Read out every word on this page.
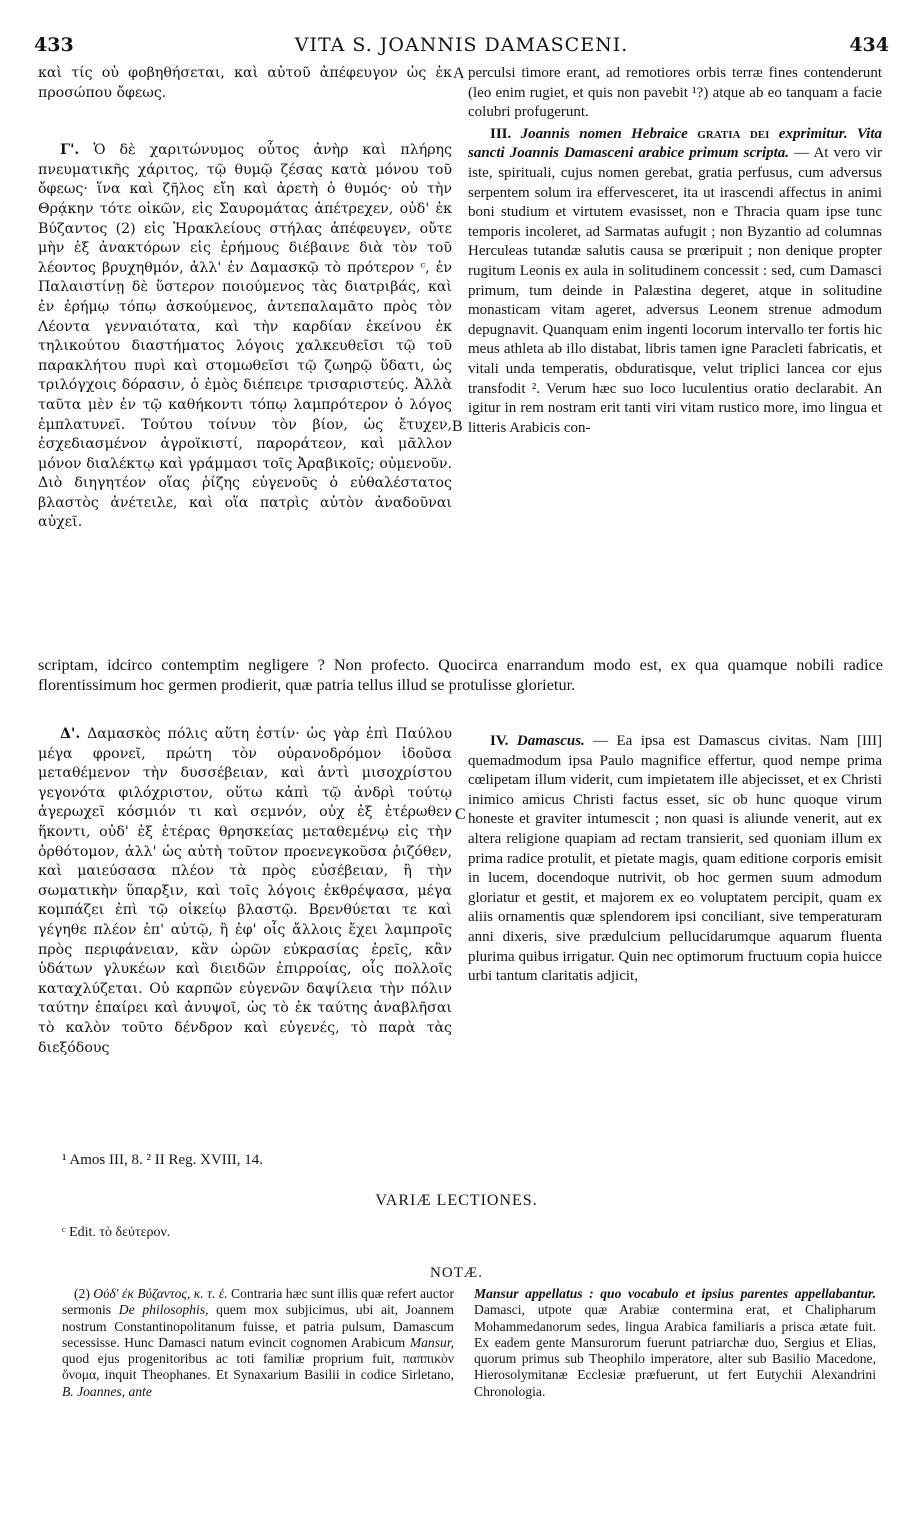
433	VITA S. JOANNIS DAMASCENI.	434

καὶ τίς οὐ φοβηθήσεται, καὶ αὐτοῦ ἀπέφευγον ὡς ἐκ προσώπου ὄφεως.

Γ'. Ὁ δὲ χαριτώνυμος οὗτος ἀνὴρ καὶ πλήρης πνευματικῆς χάριτος, τῷ θυμῷ ζέσας κατὰ μόνου τοῦ ὄφεως· ἵνα καὶ ζῆλος εἴη καὶ ἀρετὴ ὁ θυμός· οὐ τὴν Θρᾴκην τότε οἰκῶν, εἰς Σαυρομάτας ἀπέτρεχεν, οὐδ' ἐκ Βύζαντος (2) εἰς Ἡρακλείους στήλας ἀπέφευγεν, οὔτε μὴν ἐξ ἀνακτόρων εἰς ἐρήμους διέβαινε διὰ τὸν τοῦ λέοντος βρυχηθμόν, ἀλλ' ἐν Δαμασκῷ τὸ πρότερον ᶜ, ἐν Παλαιστίνῃ δὲ ὕστερον ποιούμενος τὰς διατριβάς, καὶ ἐν ἐρήμῳ τόπῳ ἀσκούμενος, ἀντεπαλαμᾶτο πρὸς τὸν Λέοντα γενναιότατα, καὶ τὴν καρδίαν ἐκείνου ἐκ τηλικούτου διαστήματος λόγοις χαλκευθεῖσι τῷ τοῦ παρακλήτου πυρὶ καὶ στομωθεῖσι τῷ ζωηρῷ ὕδατι, ὡς τριλόγχοις δόρασιν, ὁ ἐμὸς διέπειρε τρισαριστεύς. Ἀλλὰ ταῦτα μὲν ἐν τῷ καθήκοντι τόπῳ λαμπρότερον ὁ λόγος ἐμπλατυνεῖ. Τούτου τοίνυν τὸν βίον, ὡς ἔτυχεν, ἐσχεδιασμένον ἀγροϊκιστί, παροράτεον, καὶ μᾶλλον μόνον διαλέκτῳ καὶ γράμμασι τοῖς Ἀραβικοῖς; οὐμενοῦν. Διὸ διηγητέον οἵας ῥίζης εὐγενοῦς ὁ εὐθαλέστατος βλαστὸς ἀνέτειλε, καὶ οἵα πατρὶς αὐτὸν ἀναδοῦναι αὐχεῖ.

perculsi timore erant, ad remotiores orbis terræ fines contenderunt (leo enim rugiet, et quis non pavebit ¹?) atque ab eo tanquam a facie colubri profugerunt.

III. Joannis nomen Hebraice gratia dei exprimitur. Vita sancti Joannis Damasceni arabice primum scripta. — At vero vir iste, spirituali, cujus nomen gerebat, gratia perfusus, cum adversus serpentem solum ira effervesceret, ita ut irascendi affectus in animi boni studium et virtutem evasisset, non e Thracia quam ipse tunc temporis incoleret, ad Sarmatas aufugit ; non Byzantio ad columnas Herculeas tutandæ salutis causa se prœripuit ; non denique propter rugitum Leonis ex aula in solitudinem concessit : sed, cum Damasci primum, tum deinde in Palæstina degeret, atque in solitudine monasticam vitam ageret, adversus Leonem strenue admodum depugnavit. Quanquam enim ingenti locorum intervallo ter fortis hic meus athleta ab illo distabat, libris tamen igne Paracleti fabricatis, et vitali unda temperatis, obduratisque, velut triplici lancea cor ejus transfodit ². Verum hæc suo loco luculentius oratio declarabit. An igitur in rem nostram erit tanti viri vitam rustico more, imo lingua et litteris Arabicis con-

A
B
C
scriptam, idcirco contemptim negligere ? Non profecto. Quocirca enarrandum modo est, ex qua quamque nobili radice florentissimum hoc germen prodierit, quæ patria tellus illud se protulisse glorietur.

Δ'. Δαμασκὸς πόλις αὕτη ἐστίν· ὡς γὰρ ἐπὶ Παύλου μέγα φρονεῖ, πρώτη τὸν οὐρανοδρόμον ἰδοῦσα μεταθέμενον τὴν δυσσέβειαν, καὶ ἀντὶ μισοχρίστου γεγονότα φιλόχριστον, οὕτω κἀπὶ τῷ ἀνδρὶ τούτῳ ἀγερωχεῖ κόσμιόν τι καὶ σεμνόν, οὐχ ἐξ ἑτέρωθεν ἥκοντι, οὐδ' ἐξ ἑτέρας θρησκείας μεταθεμένῳ εἰς τὴν ὀρθότομον, ἀλλ' ὡς αὐτὴ τοῦτον προενεγκοῦσα ῥιζόθεν, καὶ μαιεύσασα πλέον τὰ πρὸς εὐσέβειαν, ἢ τὴν σωματικὴν ὕπαρξιν, καὶ τοῖς λόγοις ἐκθρέψασα, μέγα κομπάζει ἐπὶ τῷ οἰκείῳ βλαστῷ. Βρενθύεται τε καὶ γέγηθε πλέον ἐπ' αὐτῷ, ἢ ἐφ' οἷς ἄλλοις ἔχει λαμπροῖς πρὸς περιφάνειαν, κἂν ὡρῶν εὐκρασίας ἐρεῖς, κἂν ὑδάτων γλυκέων καὶ διειδῶν ἐπιρροίας, οἷς πολλοῖς καταχλύζεται. Οὐ καρπῶν εὐγενῶν δαψίλεια τὴν πόλιν ταύτην ἐπαίρει καὶ ἀνυψοῖ, ὡς τὸ ἐκ ταύτης ἀναβλῆσαι τὸ καλὸν τοῦτο δένδρον καὶ εὐγενές, τὸ παρὰ τὰς διεξόδους

IV. Damascus. — Ea ipsa est Damascus civitas. Nam [III] quemadmodum ipsa Paulo magnifice effertur, quod nempe prima cœlipetam illum viderit, cum impietatem ille abjecisset, et ex Christi inimico amicus Christi factus esset, sic ob hunc quoque virum honeste et graviter intumescit ; non quasi is aliunde venerit, aut ex altera religione quapiam ad rectam transierit, sed quoniam illum ex prima radice protulit, et pietate magis, quam editione corporis emisit in lucem, docendoque nutrivit, ob hoc germen suum admodum gloriatur et gestit, et majorem ex eo voluptatem percipit, quam ex aliis ornamentis quæ splendorem ipsi conciliant, sive temperaturam anni dixeris, sive prædulcium pellucidarumque aquarum fluenta plurima quibus irrigatur. Quin nec optimorum fructuum copia huicce urbi tantum claritatis adjicit,

¹ Amos III, 8. ² II Reg. XVIII, 14.
VARIÆ LECTIONES.
ᶜ Edit. τὸ δεύτερον.
NOTÆ.

(2) Οὐδ' ἐκ Βύζαντος, κ. τ. ἑ. Contraria hæc sunt illis quæ refert auctor sermonis De philosophis, quem mox subjicimus, ubi ait, Joannem nostrum Constantinopolitanum fuisse, et patria pulsum, Damascum secessisse. Hunc Damasci natum evincit cognomen Arabicum Mansur, quod ejus progenitoribus ac toti familiæ proprium fuit, παππικὸν ὄνομα, inquit Theophanes. Et Synaxarium Basilii in codice Sirletano, B. Joannes, ante

Mansur appellatus : quo vocabulo et ipsius parentes appellabantur. Damasci, utpote quæ Arabiæ conterminа erat, et Chaliphаrum Mohammedanorum sedes, lingua Arabica familiaris a prisca ætate fuit. Ex eadem gente Mansurorum fuerunt patriarchæ duo, Sergius et Elias, quorum primus sub Theophilo imperatore, alter sub Basilio Macedone, Hierosolymitanæ Ecclesiæ præfuerunt, ut fert Eutychii Alexandrini Chronologia.
